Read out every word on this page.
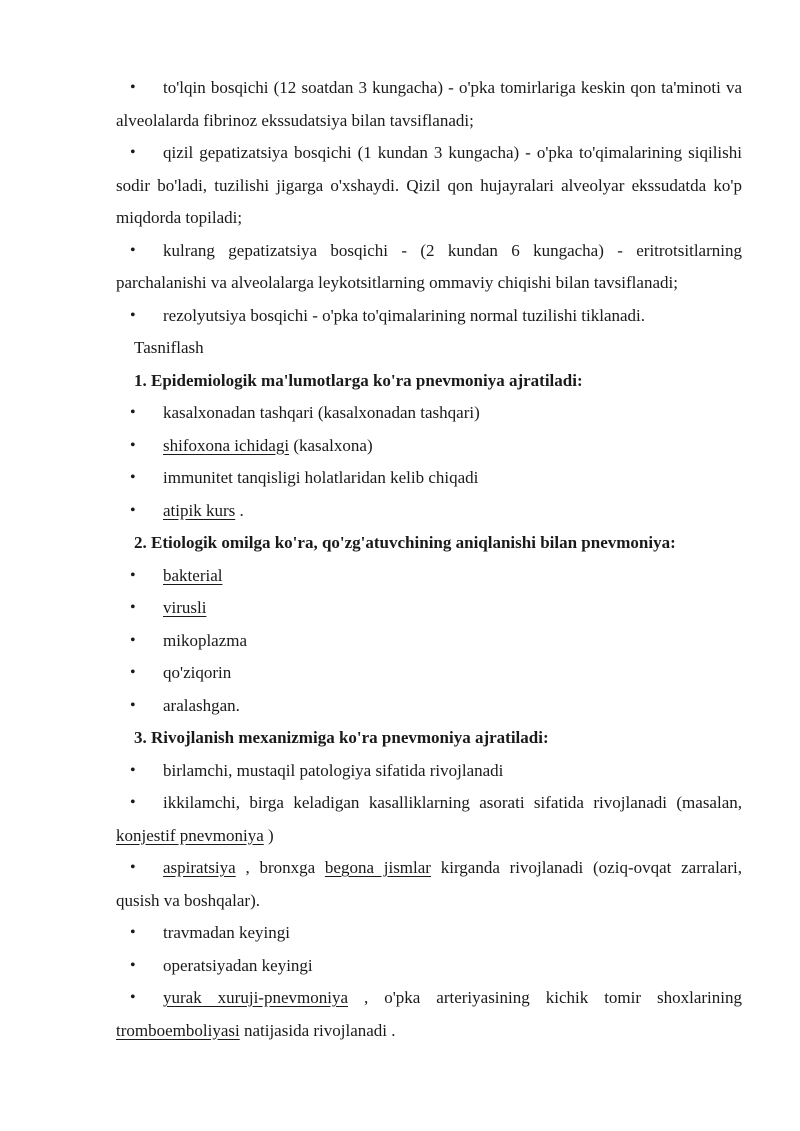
• to'lqin bosqichi (12 soatdan 3 kungacha) - o'pka tomirlariga keskin qon ta'minoti va alveolalarda fibrinoz ekssudatsiya bilan tavsiflanadi;

• qizil gepatizatsiya bosqichi (1 kundan 3 kungacha) - o'pka to'qimalarining siqilishi sodir bo'ladi, tuzilishi jigarga o'xshaydi. Qizil qon hujayralari alveolyar ekssudatda ko'p miqdorda topiladi;

• kulrang gepatizatsiya bosqichi - (2 kundan 6 kungacha) - eritrotsitlarning parchalanishi va alveolalarga leykotsitlarning ommaviy chiqishi bilan tavsiflanadi;

• rezolyutsiya bosqichi - o'pka to'qimalarining normal tuzilishi tiklanadi.

Tasniflash

1. Epidemiologik ma'lumotlarga ko'ra pnevmoniya ajratiladi:

• kasalxonadan tashqari (kasalxonadan tashqari)

• shifoxona ichidagi (kasalxona)

• immunitet tanqisligi holatlaridan kelib chiqadi

• atipik kurs .

2. Etiologik omilga ko'ra, qo'zg'atuvchining aniqlanishi bilan pnevmoniya:

• bakterial

• virusli

• mikoplazma

• qo'ziqorin

• aralashgan.

3. Rivojlanish mexanizmiga ko'ra pnevmoniya ajratiladi:

• birlamchi, mustaqil patologiya sifatida rivojlanadi

• ikkilamchi, birga keladigan kasalliklarning asorati sifatida rivojlanadi (masalan, konjestif pnevmoniya )

• aspiratsiya , bronxga begona jismlar kirganda rivojlanadi (oziq-ovqat zarralari, qusish va boshqalar).

• travmadan keyingi

• operatsiyadan keyingi

• yurak xuruji-pnevmoniya , o'pka arteriyasining kichik tomir shoxlarining tromboemboliyasi natijasida rivojlanadi .
